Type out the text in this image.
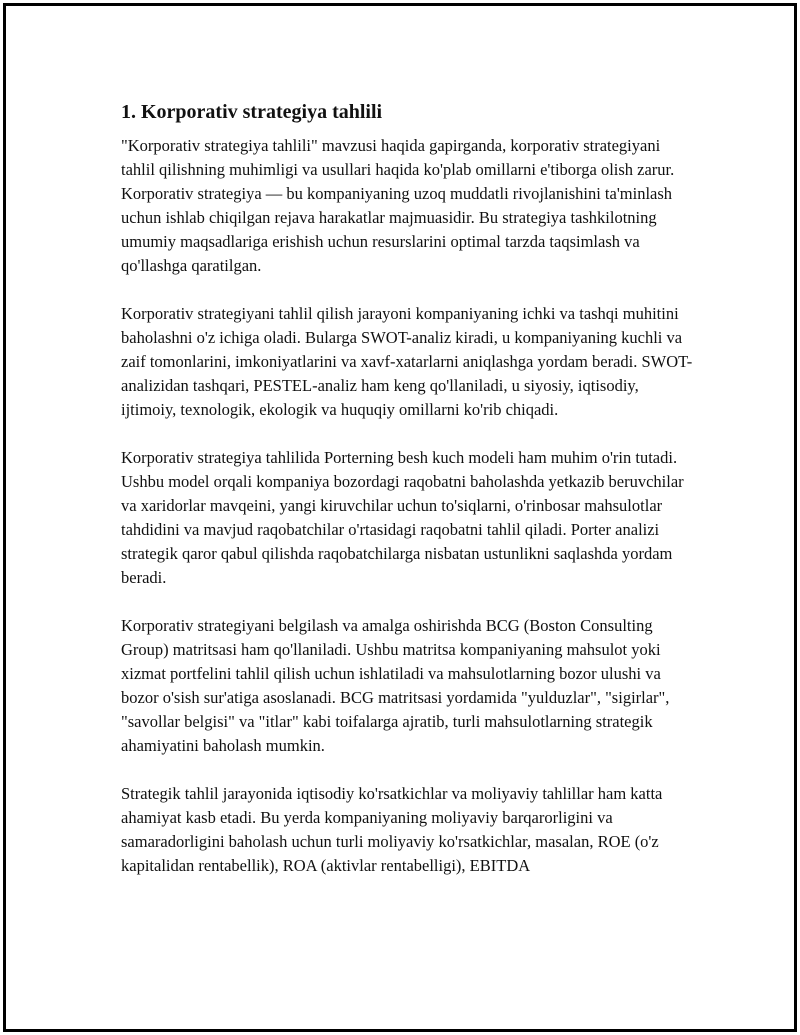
1. Korporativ strategiya tahlili

"Korporativ strategiya tahlili" mavzusi haqida gapirganda, korporativ strategiyani tahlil qilishning muhimligi va usullari haqida ko'plab omillarni e'tiborga olish zarur. Korporativ strategiya — bu kompaniyaning uzoq muddatli rivojlanishini ta'minlash uchun ishlab chiqilgan rejava harakatlar majmuasidir. Bu strategiya tashkilotning umumiy maqsadlariga erishish uchun resurslarini optimal tarzda taqsimlash va qo'llashga qaratilgan.

Korporativ strategiyani tahlil qilish jarayoni kompaniyaning ichki va tashqi muhitini baholashni o'z ichiga oladi. Bularga SWOT-analiz kiradi, u kompaniyaning kuchli va zaif tomonlarini, imkoniyatlarini va xavf-xatarlarni aniqlashga yordam beradi. SWOT-analizidan tashqari, PESTEL-analiz ham keng qo'llaniladi, u siyosiy, iqtisodiy, ijtimoiy, texnologik, ekologik va huquqiy omillarni ko'rib chiqadi.

Korporativ strategiya tahlilida Porterning besh kuch modeli ham muhim o'rin tutadi. Ushbu model orqali kompaniya bozordagi raqobatni baholashda yetkazib beruvchilar va xaridorlar mavqeini, yangi kiruvchilar uchun to'siqlarni, o'rinbosar mahsulotlar tahdidini va mavjud raqobatchilar o'rtasidagi raqobatni tahlil qiladi. Porter analizi strategik qaror qabul qilishda raqobatchilarga nisbatan ustunlikni saqlashda yordam beradi.

Korporativ strategiyani belgilash va amalga oshirishda BCG (Boston Consulting Group) matritsasi ham qo'llaniladi. Ushbu matritsa kompaniyaning mahsulot yoki xizmat portfelini tahlil qilish uchun ishlatiladi va mahsulotlarning bozor ulushi va bozor o'sish sur'atiga asoslanadi. BCG matritsasi yordamida "yulduzlar", "sigirlar", "savollar belgisi" va "itlar" kabi toifalarga ajratib, turli mahsulotlarning strategik ahamiyatini baholash mumkin.

Strategik tahlil jarayonida iqtisodiy ko'rsatkichlar va moliyaviy tahlillar ham katta ahamiyat kasb etadi. Bu yerda kompaniyaning moliyaviy barqarorligini va samaradorligini baholash uchun turli moliyaviy ko'rsatkichlar, masalan, ROE (o'z kapitalidan rentabellik), ROA (aktivlar rentabelligi), EBITDA
